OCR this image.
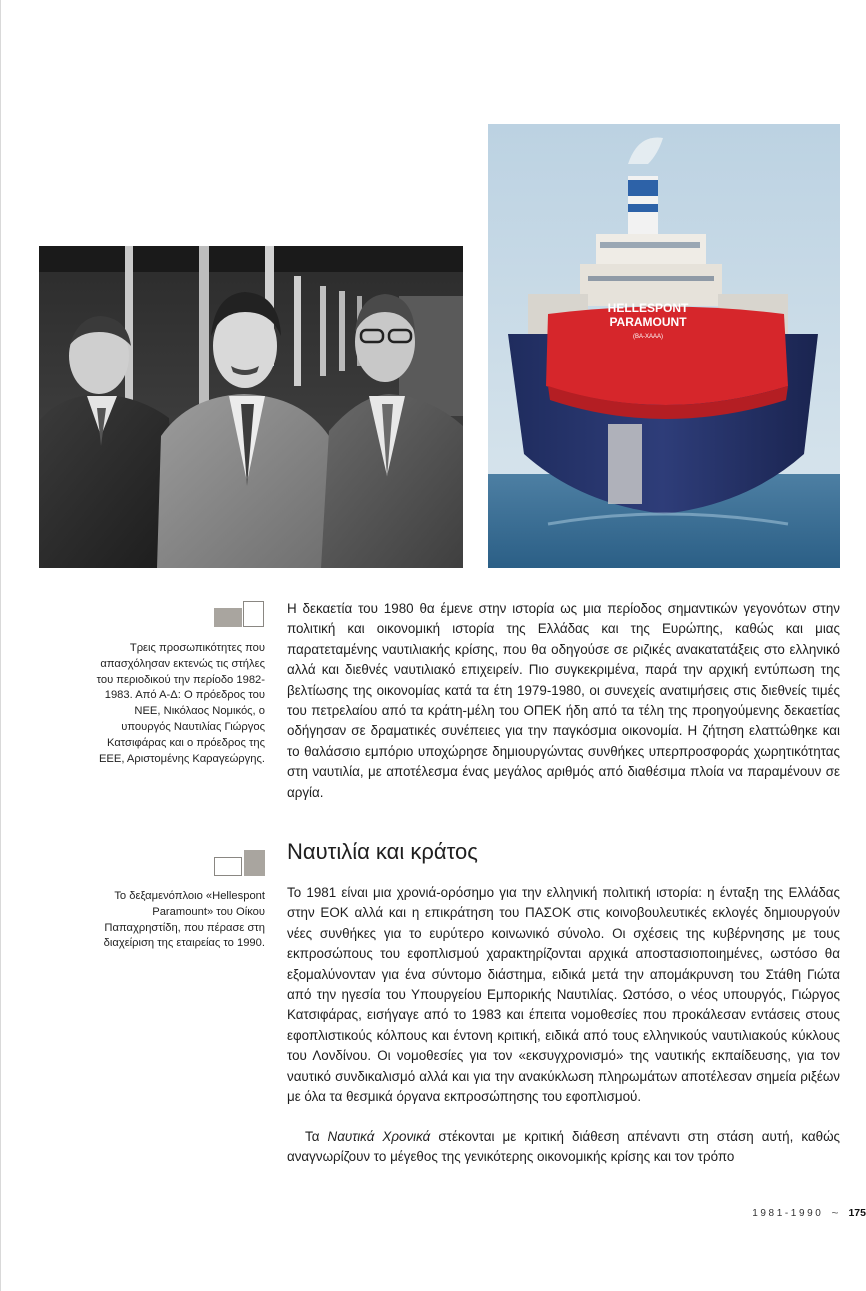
HELLESPONT
PARAMOUNT
(ΒΑ-ΧΑΑΑ)
Τρεις προσωπικότητες που απασχόλησαν εκτενώς τις στήλες του περιοδικού την περίοδο 1982-1983. Από Α-Δ: Ο πρόεδρος του ΝΕΕ, Νικόλαος Νομικός, ο υπουργός Ναυτιλίας Γιώργος Κατσιφάρας και ο πρόεδρος της ΕΕΕ, Αριστομένης Καραγεώργης.
Το δεξαμενόπλοιο «Hellespont Paramount» του Οίκου Παπαχρηστίδη, που πέρασε στη διαχείριση της εταιρείας το 1990.

Η δεκαετία του 1980 θα έμενε στην ιστορία ως μια περίοδος σημαντικών γεγονότων στην πολιτική και οικονομική ιστορία της Ελλάδας και της Ευρώπης, καθώς και μιας παρατεταμένης ναυτιλιακής κρίσης, που θα οδηγούσε σε ριζικές ανακατατάξεις στο ελληνικό αλλά και διεθνές ναυτιλιακό επιχειρείν. Πιο συγκεκριμένα, παρά την αρχική εντύπωση της βελτίωσης της οικονομίας κατά τα έτη 1979-1980, οι συνεχείς ανατιμήσεις στις διεθνείς τιμές του πετρελαίου από τα κράτη-μέλη του ΟΠΕΚ ήδη από τα τέλη της προηγούμενης δεκαετίας οδήγησαν σε δραματικές συνέπειες για την παγκόσμια οικονομία. Η ζήτηση ελαττώθηκε και το θαλάσσιο εμπόριο υποχώρησε δημιουργώντας συνθήκες υπερπροσφοράς χωρητικότητας στη ναυτιλία, με αποτέλεσμα ένας μεγάλος αριθμός από διαθέσιμα πλοία να παραμένουν σε αργία.

Ναυτιλία και κράτος

Το 1981 είναι μια χρονιά-ορόσημο για την ελληνική πολιτική ιστορία: η ένταξη της Ελλάδας στην ΕΟΚ αλλά και η επικράτηση του ΠΑΣΟΚ στις κοινοβουλευτικές εκλογές δημιουργούν νέες συνθήκες για το ευρύτερο κοινωνικό σύνολο. Οι σχέσεις της κυβέρνησης με τους εκπροσώπους του εφοπλισμού χαρακτηρίζονται αρχικά αποστασιοποιημένες, ωστόσο θα εξομαλύνονταν για ένα σύντομο διάστημα, ειδικά μετά την απομάκρυνση του Στάθη Γιώτα από την ηγεσία του Υπουργείου Εμπορικής Ναυτιλίας. Ωστόσο, ο νέος υπουργός, Γιώργος Κατσιφάρας, εισήγαγε από το 1983 και έπειτα νομοθεσίες που προκάλεσαν εντάσεις στους εφοπλιστικούς κόλπους και έντονη κριτική, ειδικά από τους ελληνικούς ναυτιλιακούς κύκλους του Λονδίνου. Οι νομοθεσίες για τον «εκσυγχρονισμό» της ναυτικής εκπαίδευσης, για τον ναυτικό συνδικαλισμό αλλά και για την ανακύκλωση πληρωμάτων αποτέλεσαν σημεία ριξέων με όλα τα θεσμικά όργανα εκπροσώπησης του εφοπλισμού.

Τα Ναυτικά Χρονικά στέκονται με κριτική διάθεση απέναντι στη στάση αυτή, καθώς αναγνωρίζουν το μέγεθος της γενικότερης οικονομικής κρίσης και τον τρόπο

1981-1990 ~ 175
